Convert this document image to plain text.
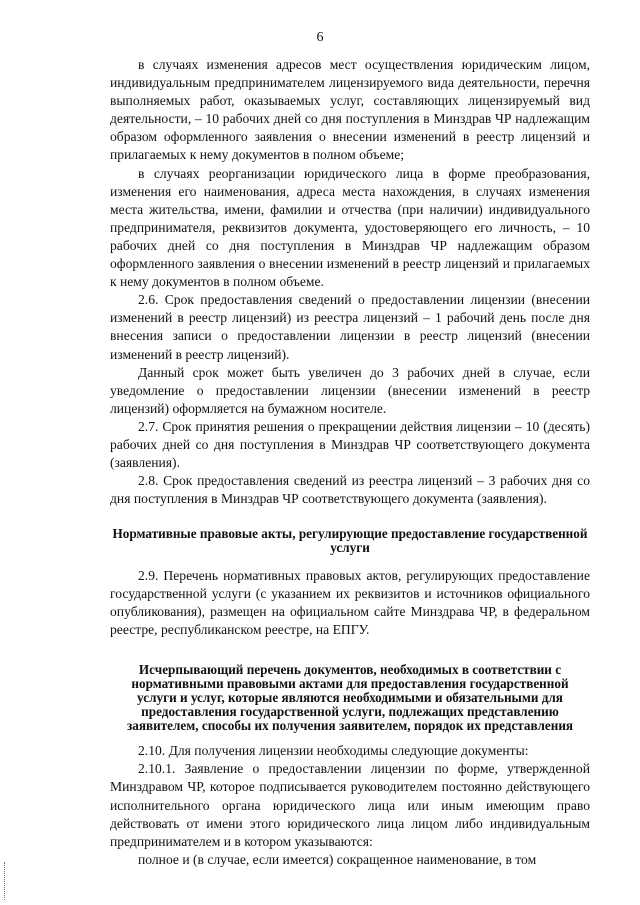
6

в случаях изменения адресов мест осуществления юридическим лицом, индивидуальным предпринимателем лицензируемого вида деятельности, перечня выполняемых работ, оказываемых услуг, составляющих лицензируемый вид деятельности, – 10 рабочих дней со дня поступления в Минздрав ЧР надлежащим образом оформленного заявления о внесении изменений в реестр лицензий и прилагаемых к нему документов в полном объеме;

в случаях реорганизации юридического лица в форме преобразования, изменения его наименования, адреса места нахождения, в случаях изменения места жительства, имени, фамилии и отчества (при наличии) индивидуального предпринимателя, реквизитов документа, удостоверяющего его личность, – 10 рабочих дней со дня поступления в Минздрав ЧР надлежащим образом оформленного заявления о внесении изменений в реестр лицензий и прилагаемых к нему документов в полном объеме.

2.6. Срок предоставления сведений о предоставлении лицензии (внесении изменений в реестр лицензий) из реестра лицензий – 1 рабочий день после дня внесения записи о предоставлении лицензии в реестр лицензий (внесении изменений в реестр лицензий).

Данный срок может быть увеличен до 3 рабочих дней в случае, если уведомление о предоставлении лицензии (внесении изменений в реестр лицензий) оформляется на бумажном носителе.

2.7. Срок принятия решения о прекращении действия лицензии – 10 (десять) рабочих дней со дня поступления в Минздрав ЧР соответствующего документа (заявления).

2.8. Срок предоставления сведений из реестра лицензий – 3 рабочих дня со дня поступления в Минздрав ЧР соответствующего документа (заявления).

Нормативные правовые акты, регулирующие предоставление государственной услуги

2.9. Перечень нормативных правовых актов, регулирующих предоставление государственной услуги (с указанием их реквизитов и источников официального опубликования), размещен на официальном сайте Минздрава ЧР, в федеральном реестре, республиканском реестре, на ЕПГУ.

Исчерпывающий перечень документов, необходимых в соответствии с нормативными правовыми актами для предоставления государственной услуги и услуг, которые являются необходимыми и обязательными для предоставления государственной услуги, подлежащих представлению заявителем, способы их получения заявителем, порядок их представления

2.10. Для получения лицензии необходимы следующие документы:

2.10.1. Заявление о предоставлении лицензии по форме, утвержденной Минздравом ЧР, которое подписывается руководителем постоянно действующего исполнительного органа юридического лица или иным имеющим право действовать от имени этого юридического лица лицом либо индивидуальным предпринимателем и в котором указываются:

полное и (в случае, если имеется) сокращенное наименование, в том
